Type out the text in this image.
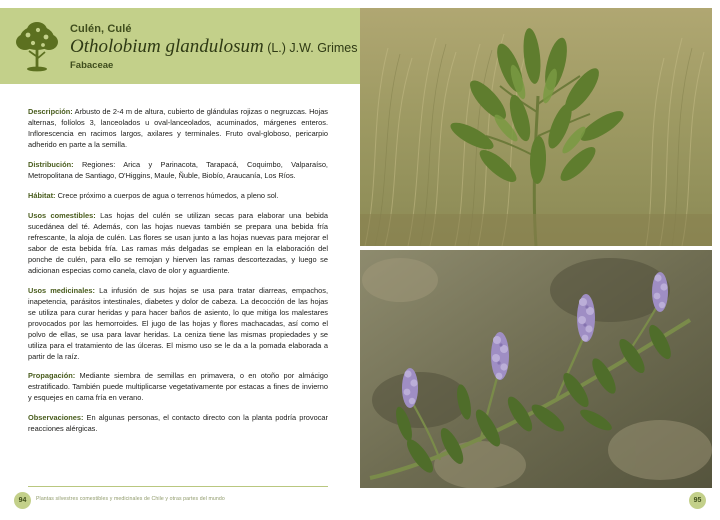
Culén, Culé
Otholobium glandulosum (L.) J.W. Grimes
Fabaceae

Descripción: Arbusto de 2-4 m de altura, cubierto de glándulas rojizas o negruzcas. Hojas alternas, folíolos 3, lanceolados u oval-lanceolados, acuminados, márgenes enteros. Inflorescencia en racimos largos, axilares y terminales. Fruto oval-globoso, pericarpio adherido en parte a la semilla.

Distribución: Regiones: Arica y Parinacota, Tarapacá, Coquimbo, Valparaíso, Metropolitana de Santiago, O'Higgins, Maule, Ñuble, Biobío, Araucanía, Los Ríos.

Hábitat: Crece próximo a cuerpos de agua o terrenos húmedos, a pleno sol.

Usos comestibles: Las hojas del culén se utilizan secas para elaborar una bebida sucedánea del té. Además, con las hojas nuevas también se prepara una bebida fría refrescante, la aloja de culén. Las flores se usan junto a las hojas nuevas para mejorar el sabor de esta bebida fría. Las ramas más delgadas se emplean en la elaboración del ponche de culén, para ello se remojan y hierven las ramas descortezadas, y luego se adicionan especias como canela, clavo de olor y aguardiente.

Usos medicinales: La infusión de sus hojas se usa para tratar diarreas, empachos, inapetencia, parásitos intestinales, diabetes y dolor de cabeza. La decocción de las hojas se utiliza para curar heridas y para hacer baños de asiento, lo que mitiga los malestares provocados por las hemorroides. El jugo de las hojas y flores machacadas, así como el polvo de ellas, se usa para lavar heridas. La ceniza tiene las mismas propiedades y se utiliza para el tratamiento de las úlceras. El mismo uso se le da a la pomada elaborada a partir de la raíz.

Propagación: Mediante siembra de semillas en primavera, o en otoño por almácigo estratificado. También puede multiplicarse vegetativamente por estacas a fines de invierno y esquejes en cama fría en verano.

Observaciones: En algunas personas, el contacto directo con la planta podría provocar reacciones alérgicas.

94	Plantas silvestres comestibles y medicinales de Chile y otras partes del mundo	95
